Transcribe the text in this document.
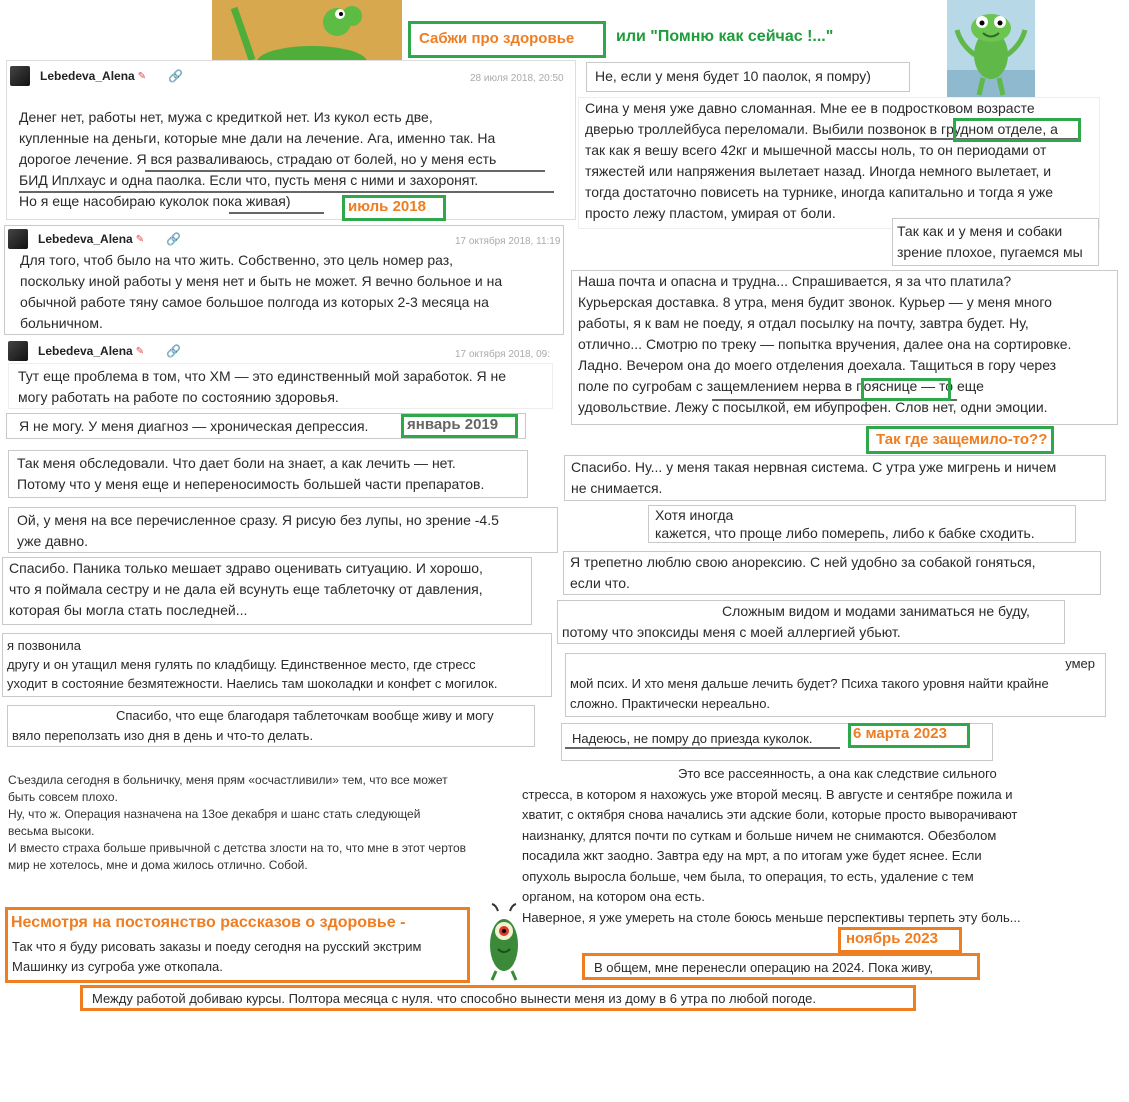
Сабжи про здоровье	или "Помню как сейчас !..."
Lebedeva_Alena ✎ 🔗	28 июля 2018, 20:50

Денег нет, работы нет, мужа с кредиткой нет. Из кукол есть две,

купленные на деньги, которые мне дали на лечение. Ага, именно так. На

дорогое лечение. Я вся разваливаюсь, страдаю от болей, но у меня есть

БИД Иплхаус и одна паолка. Если что, пусть меня с ними и захоронят.

Но я еще насобираю куколок пока живая)	июль 2018
Lebedeva_Alena ✎ 🔗	17 октября 2018, 11:19

Для того, чтоб было на что жить. Собственно, это цель номер раз,

поскольку иной работы у меня нет и быть не может. Я вечно больное и на

обычной работе тяну самое большое полгода из которых 2-3 месяца на

больничном.

Lebedeva_Alena ✎ 🔗	17 октября 2018, 09:

Тут еще проблема в том, что ХМ — это единственный мой заработок. Я не

могу работать на работе по состоянию здоровья.

Я не могу. У меня диагноз — хроническая депрессия.	январь 2019

Так меня обследовали. Что дает боли на знает, а как лечить — нет.

Потому что у меня еще и непереносимость большей части препаратов.

Ой, у меня на все перечисленное сразу. Я рисую без лупы, но зрение -4.5

уже давно.

Спасибо. Паника только мешает здраво оценивать ситуацию. И хорошо,

что я поймала сестру и не дала ей всунуть еще таблеточку от давления,

которая бы могла стать последней...

я позвонила

другу и он утащил меня гулять по кладбищу. Единственное место, где стресс

уходит в состояние безмятежности. Наелись там шоколадки и конфет с могилок.

Спасибо, что еще благодаря таблеточкам вообще живу и могу

вяло переползать изо дня в день и что-то делать.

Съездила сегодня в больничку, меня прям «осчастливили» тем, что все может

быть совсем плохо.

Ну, что ж. Операция назначена на 13ое декабря и шанс стать следующей

весьма высоки.

И вместо страха больше привычной с детства злости на то, что мне в этот чертов

мир не хотелось, мне и дома жилось отлично. Собой.

Несмотря на постоянство рассказов о здоровье -

Так что я буду рисовать заказы и поеду сегодня на русский экстрим

Машинку из сугроба уже откопала.

Между работой добиваю курсы. Полтора месяца с нуля. что способно вынести меня из дому в 6 утра по любой погоде.
Не, если у меня будет 10 паолок, я помру)

Сина у меня уже давно сломанная. Мне ее в подростковом возрасте

дверью троллейбуса переломали. Выбили позвонок в грудном отделе, а

так как я вешу всего 42кг и мышечной массы ноль, то он периодами от

тяжестей или напряжения вылетает назад. Иногда немного вылетает, и

тогда достаточно повисеть на турнике, иногда капитально и тогда я уже

просто лежу пластом, умирая от боли.

Так как и у меня и собаки

зрение плохое, пугаемся мы

Наша почта и опасна и трудна... Спрашивается, я за что платила?

Курьерская доставка. 8 утра, меня будит звонок. Курьер — у меня много

работы, я к вам не поеду, я отдал посылку на почту, завтра будет. Ну,

отлично... Смотрю по треку — попытка вручения, далее она на сортировке.

Ладно. Вечером она до моего отделения доехала. Тащиться в гору через

поле по сугробам с защемлением нерва в пояснице — то еще

удовольствие. Лежу с посылкой, ем ибупрофен. Слов нет, одни эмоции.

Так где защемило-то??

Спасибо. Ну... у меня такая нервная система. С утра уже мигрень и ничем

не снимается.

Хотя иногда

кажется, что проще либо померепь, либо к бабке сходить.

Я трепетно люблю свою анорексию. С ней удобно за собакой гоняться,

если что.

Сложным видом и модами заниматься не буду,

потому что эпоксиды меня с моей аллергией убьют.

умер

мой псих. И хто меня дальше лечить будет? Психа такого уровня найти крайне

сложно. Практически нереально.

Надеюсь, не помру до приезда куколок.	6 марта 2023

Это все рассеянность, а она как следствие сильного

стресса, в котором я нахожусь уже второй месяц. В августе и сентябре пожила и

хватит, с октября снова начались эти адские боли, которые просто выворачивают

наизнанку, длятся почти по суткам и больше ничем не снимаются. Обезболом

посадила жкт заодно. Завтра еду на мрт, а по итогам уже будет яснее. Если

опухоль выросла больше, чем была, то операция, то есть, удаление с тем

органом, на котором она есть.

Наверное, я уже умереть на столе боюсь меньше перспективы терпеть эту боль...

ноябрь 2023
В общем, мне перенесли операцию на 2024. Пока живу,
